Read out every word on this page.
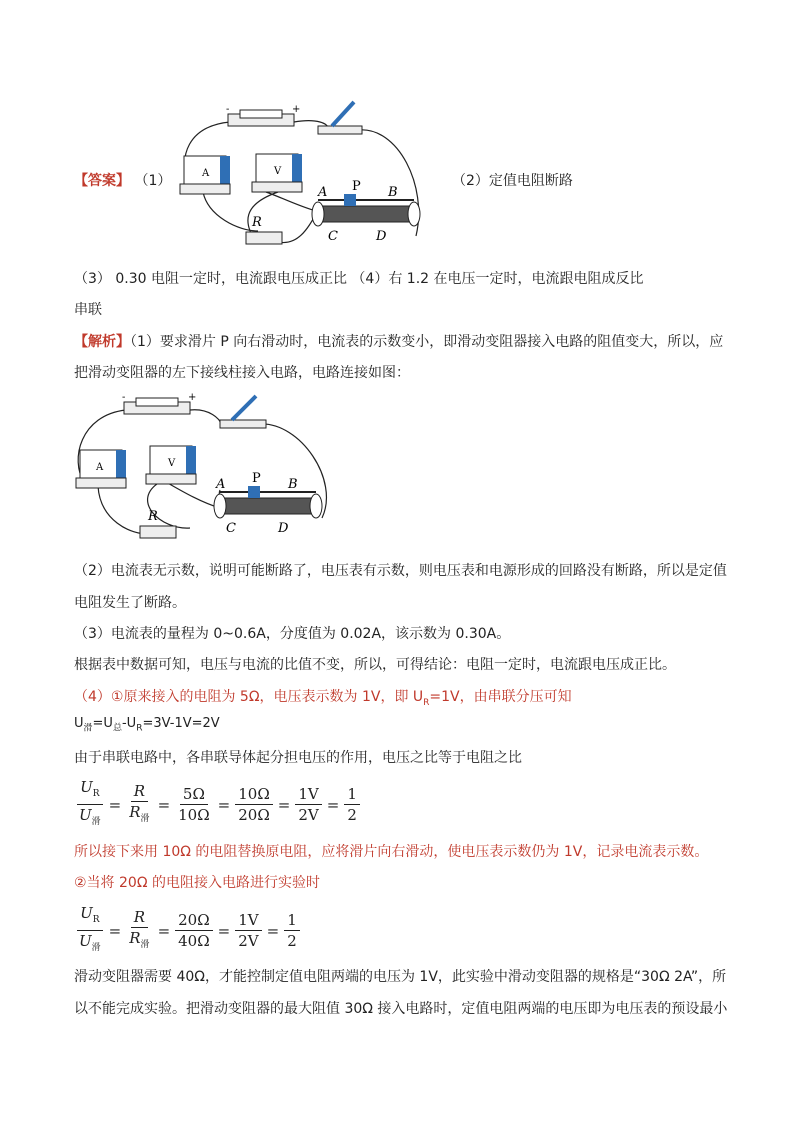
【答案】 （1）	（2）定值电阻断路
-	+
A	V
R
A P B
C	D
（3） 0.30 电阻一定时，电流跟电压成正比 （4）右 1.2 在电压一定时，电流跟电阻成反比
串联
【解析】（1）要求滑片 P 向右滑动时，电流表的示数变小，即滑动变阻器接入电路的阻值变大，所以，应
把滑动变阻器的左下接线柱接入电路，电路连接如图：
-	+
A	V
R
A P B
C	D
（2）电流表无示数，说明可能断路了，电压表有示数，则电压表和电源形成的回路没有断路，所以是定值
电阻发生了断路。
（3）电流表的量程为 0~0.6A，分度值为 0.02A，该示数为 0.30A。
根据表中数据可知，电压与电流的比值不变，所以，可得结论：电阻一定时，电流跟电压成正比。
（4）①原来接入的电阻为 5Ω，电压表示数为 1V，即 $U_R=1V$，由串联分压可知
$U_滑=U_总-U_R=3V-1V=2V$
由于串联电路中，各串联导体起分担电压的作用，电压之比等于电阻之比
$\frac{U_R}{U_滑} = \frac{R}{R_滑} = \frac{5\Omega}{10\Omega} = \frac{10\Omega}{20\Omega} = \frac{1V}{2V} = \frac{1}{2}$
所以接下来用 10Ω 的电阻替换原电阻，应将滑片向右滑动，使电压表示数仍为 1V，记录电流表示数。
②当将 20Ω 的电阻接入电路进行实验时
$\frac{U_R}{U_滑} = \frac{R}{R_滑} = \frac{20\Omega}{40\Omega} = \frac{1V}{2V} = \frac{1}{2}$
滑动变阻器需要 40Ω，才能控制定值电阻两端的电压为 1V，此实验中滑动变阻器的规格是“30Ω 2A”，所
以不能完成实验。把滑动变阻器的最大阻值 30Ω 接入电路时，定值电阻两端的电压即为电压表的预设最小
